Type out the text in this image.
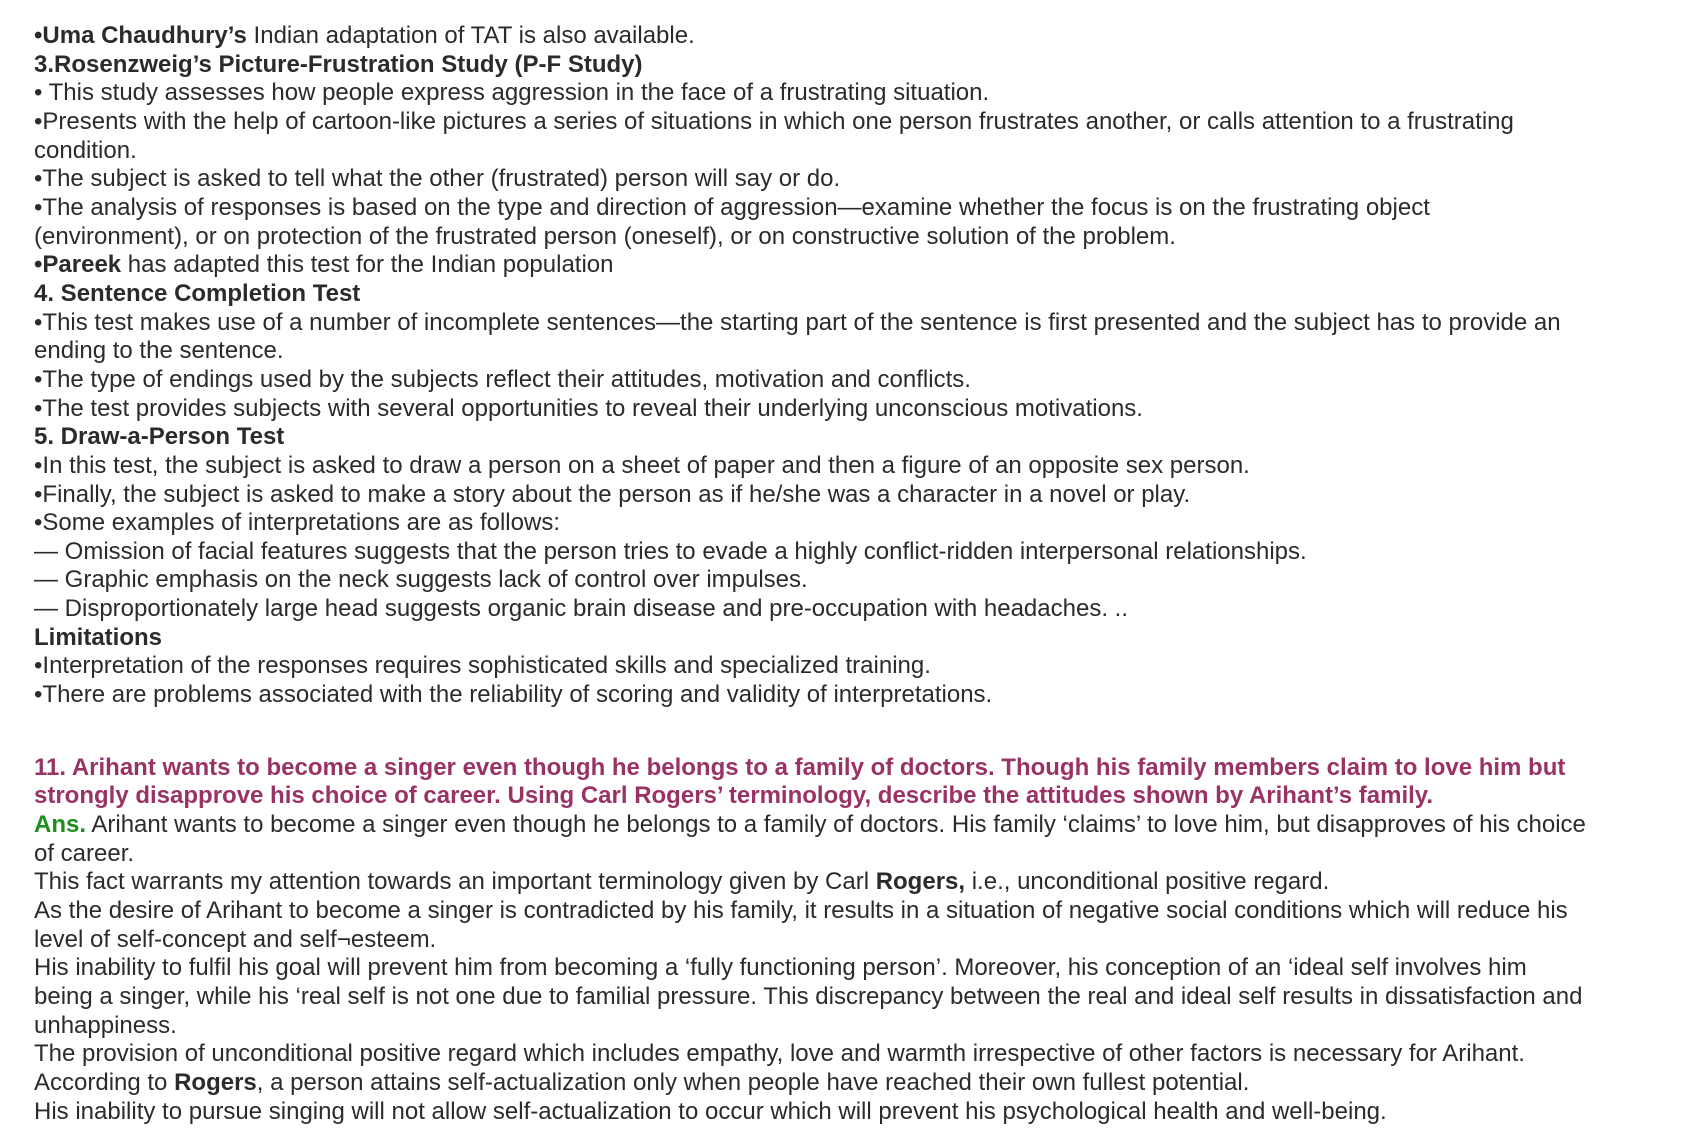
•Uma Chaudhury’s Indian adaptation of TAT is also available.
3.Rosenzweig’s Picture-Frustration Study (P-F Study)
• This study assesses how people express aggression in the face of a frustrating situation.
•Presents with the help of cartoon-like pictures a series of situations in which one person frustrates another, or calls attention to a frustrating
condition.
•The subject is asked to tell what the other (frustrated) person will say or do.
•The analysis of responses is based on the type and direction of aggression—examine whether the focus is on the frustrating object
(environment), or on protection of the frustrated person (oneself), or on constructive solution of the problem.
•Pareek has adapted this test for the Indian population
4. Sentence Completion Test
•This test makes use of a number of incomplete sentences—the starting part of the sentence is first presented and the subject has to provide an
ending to the sentence.
•The type of endings used by the subjects reflect their attitudes, motivation and conflicts.
•The test provides subjects with several opportunities to reveal their underlying unconscious motivations.
5. Draw-a-Person Test
•In this test, the subject is asked to draw a person on a sheet of paper and then a figure of an opposite sex person.
•Finally, the subject is asked to make a story about the person as if he/she was a character in a novel or play.
•Some examples of interpretations are as follows:
— Omission of facial features suggests that the person tries to evade a highly conflict-ridden interpersonal relationships.
— Graphic emphasis on the neck suggests lack of control over impulses.
— Disproportionately large head suggests organic brain disease and pre-occupation with headaches. ..
Limitations
•Interpretation of the responses requires sophisticated skills and specialized training.
•There are problems associated with the reliability of scoring and validity of interpretations.
11. Arihant wants to become a singer even though he belongs to a family of doctors. Though his family members claim to love him but
strongly disapprove his choice of career. Using Carl Rogers’ terminology, describe the attitudes shown by Arihant’s family.
Ans. Arihant wants to become a singer even though he belongs to a family of doctors. His family ‘claims’ to love him, but disapproves of his choice
of career.
This fact warrants my attention towards an important terminology given by Carl Rogers, i.e., unconditional positive regard.
As the desire of Arihant to become a singer is contradicted by his family, it results in a situation of negative social conditions which will reduce his
level of self-concept and self¬esteem.
His inability to fulfil his goal will prevent him from becoming a ‘fully functioning person’. Moreover, his conception of an ‘ideal self involves him
being a singer, while his ‘real self is not one due to familial pressure. This discrepancy between the real and ideal self results in dissatisfaction and
unhappiness.
The provision of unconditional positive regard which includes empathy, love and warmth irrespective of other factors is necessary for Arihant.
According to Rogers, a person attains self-actualization only when people have reached their own fullest potential.
His inability to pursue singing will not allow self-actualization to occur which will prevent his psychological health and well-being.
